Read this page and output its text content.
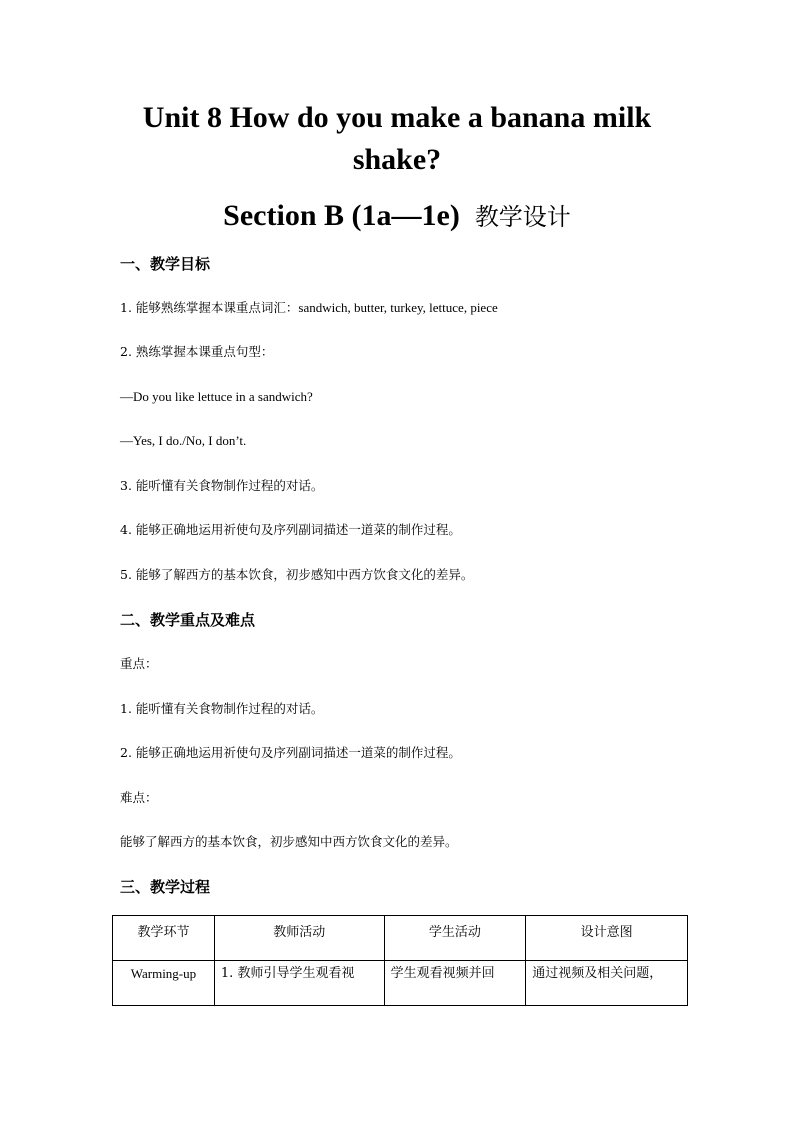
Unit 8 How do you make a banana milk
shake?
Section B (1a—1e) 教学设计
一、教学目标
1. 能够熟练掌握本课重点词汇：sandwich, butter, turkey, lettuce, piece
2. 熟练掌握本课重点句型：
—Do you like lettuce in a sandwich?
—Yes, I do./No, I don’t.
3. 能听懂有关食物制作过程的对话。
4. 能够正确地运用祈使句及序列副词描述一道菜的制作过程。
5. 能够了解西方的基本饮食，初步感知中西方饮食文化的差异。
二、教学重点及难点
重点：
1. 能听懂有关食物制作过程的对话。
2. 能够正确地运用祈使句及序列副词描述一道菜的制作过程。
难点：
能够了解西方的基本饮食，初步感知中西方饮食文化的差异。
三、教学过程
教学环节	教师活动	学生活动	设计意图
Warming-up	1. 教师引导学生观看视	学生观看视频并回	通过视频及相关问题，
